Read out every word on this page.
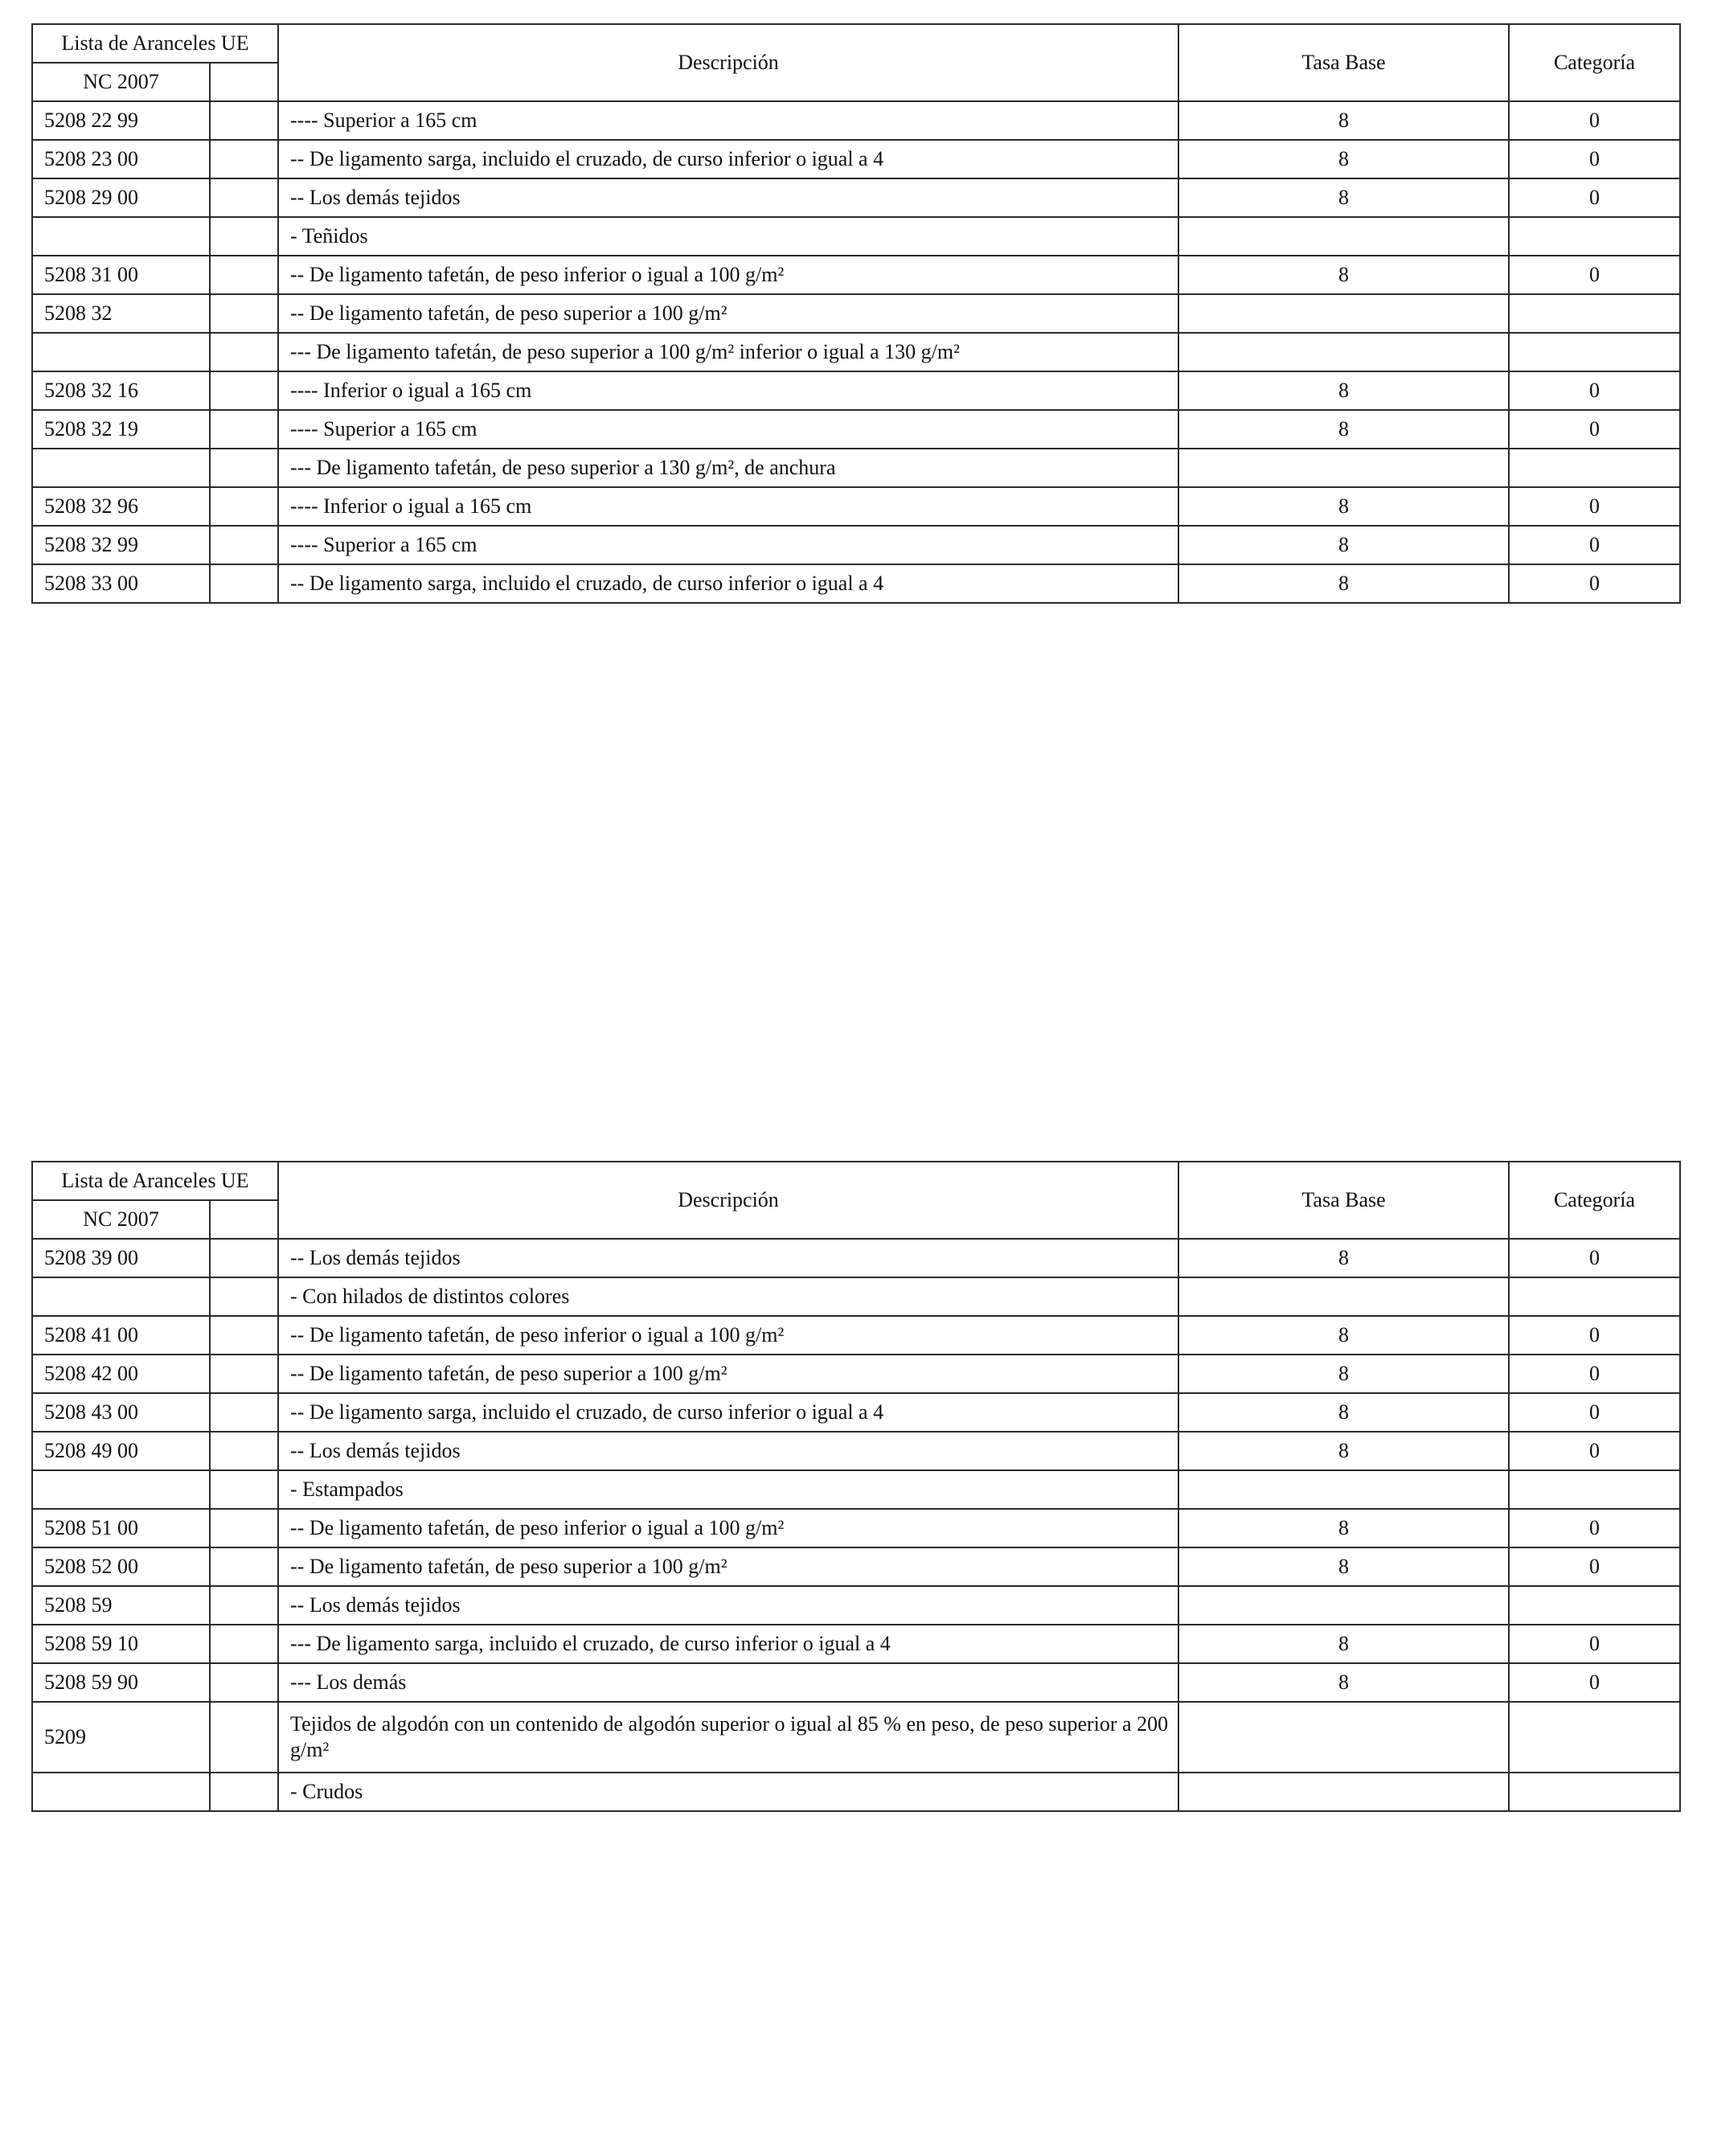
Lista de Aranceles UE		Descripción	Tasa Base	Categoría
NC 2007				
5208 22 99		---- Superior a 165 cm	8	0
5208 23 00		-- De ligamento sarga, incluido el cruzado, de curso inferior o igual a 4	8	0
5208 29 00		-- Los demás tejidos	8	0
		- Teñidos		
5208 31 00		-- De ligamento tafetán, de peso inferior o igual a 100 g/m²	8	0
5208 32		-- De ligamento tafetán, de peso superior a 100 g/m²		
		--- De ligamento tafetán, de peso superior a 100 g/m² inferior o igual a 130 g/m²		
5208 32 16		---- Inferior o igual a 165 cm	8	0
5208 32 19		---- Superior a 165 cm	8	0
		--- De ligamento tafetán, de peso superior a 130 g/m², de anchura		
5208 32 96		---- Inferior o igual a 165 cm	8	0
5208 32 99		---- Superior a 165 cm	8	0
5208 33 00		-- De ligamento sarga, incluido el cruzado, de curso inferior o igual a 4	8	0
Lista de Aranceles UE		Descripción	Tasa Base	Categoría
NC 2007				
5208 39 00		-- Los demás tejidos	8	0
		- Con hilados de distintos colores		
5208 41 00		-- De ligamento tafetán, de peso inferior o igual a 100 g/m²	8	0
5208 42 00		-- De ligamento tafetán, de peso superior a 100 g/m²	8	0
5208 43 00		-- De ligamento sarga, incluido el cruzado, de curso inferior o igual a 4	8	0
5208 49 00		-- Los demás tejidos	8	0
		- Estampados		
5208 51 00		-- De ligamento tafetán, de peso inferior o igual a 100 g/m²	8	0
5208 52 00		-- De ligamento tafetán, de peso superior a 100 g/m²	8	0
5208 59		-- Los demás tejidos		
5208 59 10		--- De ligamento sarga, incluido el cruzado, de curso inferior o igual a 4	8	0
5208 59 90		--- Los demás	8	0
5209		Tejidos de algodón con un contenido de algodón superior o igual al 85 % en peso, de peso superior a 200 g/m²		
		- Crudos		
